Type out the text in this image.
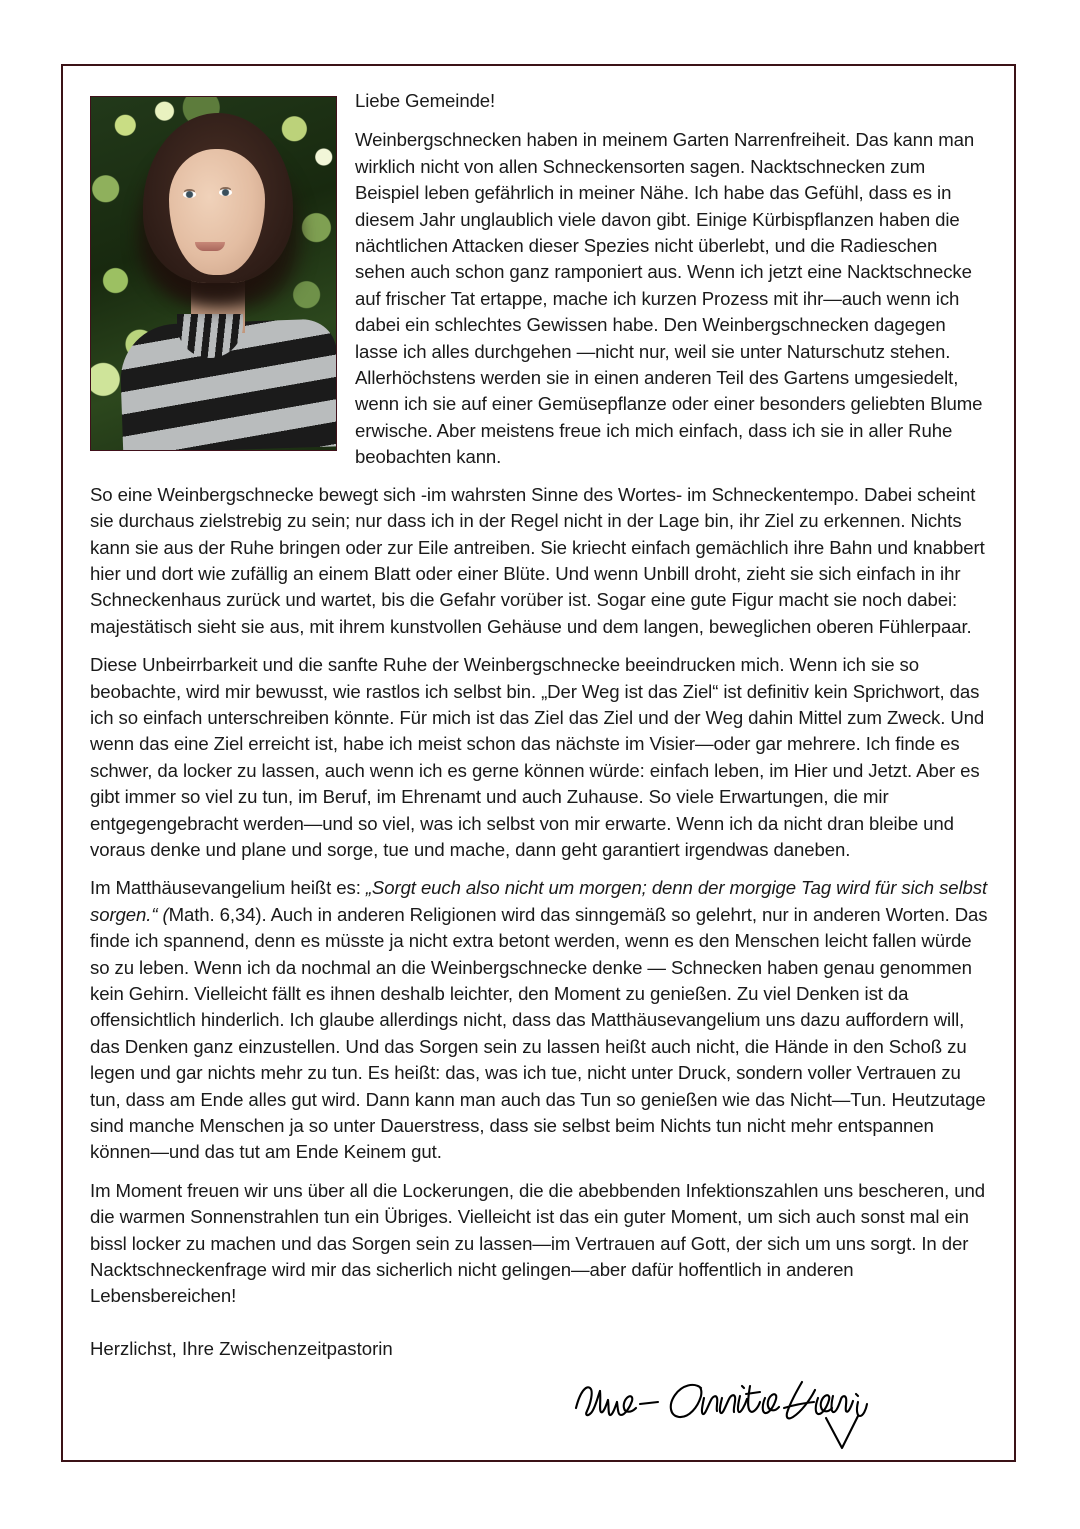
Liebe Gemeinde!

Weinbergschnecken haben in meinem Garten Narrenfreiheit. Das kann man wirklich nicht von allen Schneckensorten sagen. Nacktschnecken zum Beispiel leben gefährlich in meiner Nähe. Ich habe das Gefühl, dass es in diesem Jahr unglaublich viele davon gibt. Einige Kürbispflanzen haben die nächtlichen Attacken dieser Spezies nicht überlebt, und die Radieschen sehen auch schon ganz ramponiert aus. Wenn ich jetzt eine Nacktschnecke auf frischer Tat ertappe, mache ich kurzen Prozess mit ihr—auch wenn ich dabei ein schlechtes Gewissen habe. Den Weinbergschnecken dagegen lasse ich alles durchgehen —nicht nur, weil sie unter Naturschutz stehen. Allerhöchstens werden sie in einen anderen Teil des Gartens umgesiedelt, wenn ich sie auf einer Gemüsepflanze oder einer besonders geliebten Blume erwische. Aber meistens freue ich mich einfach, dass ich sie in aller Ruhe beobachten kann.

So eine Weinbergschnecke bewegt sich -im wahrsten Sinne des Wortes- im Schneckentempo. Dabei scheint sie durchaus zielstrebig zu sein; nur dass ich in der Regel nicht in der Lage bin, ihr Ziel zu erkennen. Nichts kann sie aus der Ruhe bringen oder zur Eile antreiben. Sie kriecht einfach gemächlich ihre Bahn und knabbert hier und dort wie zufällig an einem Blatt oder einer Blüte. Und wenn Unbill droht, zieht sie sich einfach in ihr Schneckenhaus zurück und wartet, bis die Gefahr vorüber ist. Sogar eine gute Figur macht sie noch dabei: majestätisch sieht sie aus, mit ihrem kunstvollen Gehäuse und dem langen, beweglichen oberen Fühlerpaar.

Diese Unbeirrbarkeit und die sanfte Ruhe der Weinbergschnecke beeindrucken mich. Wenn ich sie so beobachte, wird mir bewusst, wie rastlos ich selbst bin. „Der Weg ist das Ziel“ ist definitiv kein Sprichwort, das ich so einfach unterschreiben könnte. Für mich ist das Ziel das Ziel und der Weg dahin Mittel zum Zweck. Und wenn das eine Ziel erreicht ist, habe ich meist schon das nächste im Visier—oder gar mehrere. Ich finde es schwer, da locker zu lassen, auch wenn ich es gerne können würde: einfach leben, im Hier und Jetzt. Aber es gibt immer so viel zu tun, im Beruf, im Ehrenamt und auch Zuhause. So viele Erwartungen, die mir entgegengebracht werden—und so viel, was ich selbst von mir erwarte. Wenn ich da nicht dran bleibe und voraus denke und plane und sorge, tue und mache, dann geht garantiert irgendwas daneben.

Im Matthäusevangelium heißt es: „Sorgt euch also nicht um morgen; denn der morgige Tag wird für sich selbst sorgen.“ (Math. 6,34). Auch in anderen Religionen wird das sinngemäß so gelehrt, nur in anderen Worten. Das finde ich spannend, denn es müsste ja nicht extra betont werden, wenn es den Menschen leicht fallen würde so zu leben. Wenn ich da nochmal an die Weinbergschnecke denke — Schnecken haben genau genommen kein Gehirn. Vielleicht fällt es ihnen deshalb leichter, den Moment zu genießen. Zu viel Denken ist da offensichtlich hinderlich. Ich glaube allerdings nicht, dass das Matthäusevangelium uns dazu auffordern will, das Denken ganz einzustellen. Und das Sorgen sein zu lassen heißt auch nicht, die Hände in den Schoß zu legen und gar nichts mehr zu tun. Es heißt: das, was ich tue, nicht unter Druck, sondern voller Vertrauen zu tun, dass am Ende alles gut wird. Dann kann man auch das Tun so genießen wie das Nicht—Tun. Heutzutage sind manche Menschen ja so unter Dauerstress, dass sie selbst beim Nichts tun nicht mehr entspannen können—und das tut am Ende Keinem gut.

Im Moment freuen wir uns über all die Lockerungen, die die abebbenden Infektionszahlen uns bescheren, und die warmen Sonnenstrahlen tun ein Übriges. Vielleicht ist das ein guter Moment, um sich auch sonst mal ein bissl locker zu machen und das Sorgen sein zu lassen—im Vertrauen auf Gott, der sich um uns sorgt. In der Nacktschneckenfrage wird mir das sicherlich nicht gelingen—aber dafür hoffentlich in anderen Lebensbereichen!

Herzlichst, Ihre Zwischenzeitpastorin
